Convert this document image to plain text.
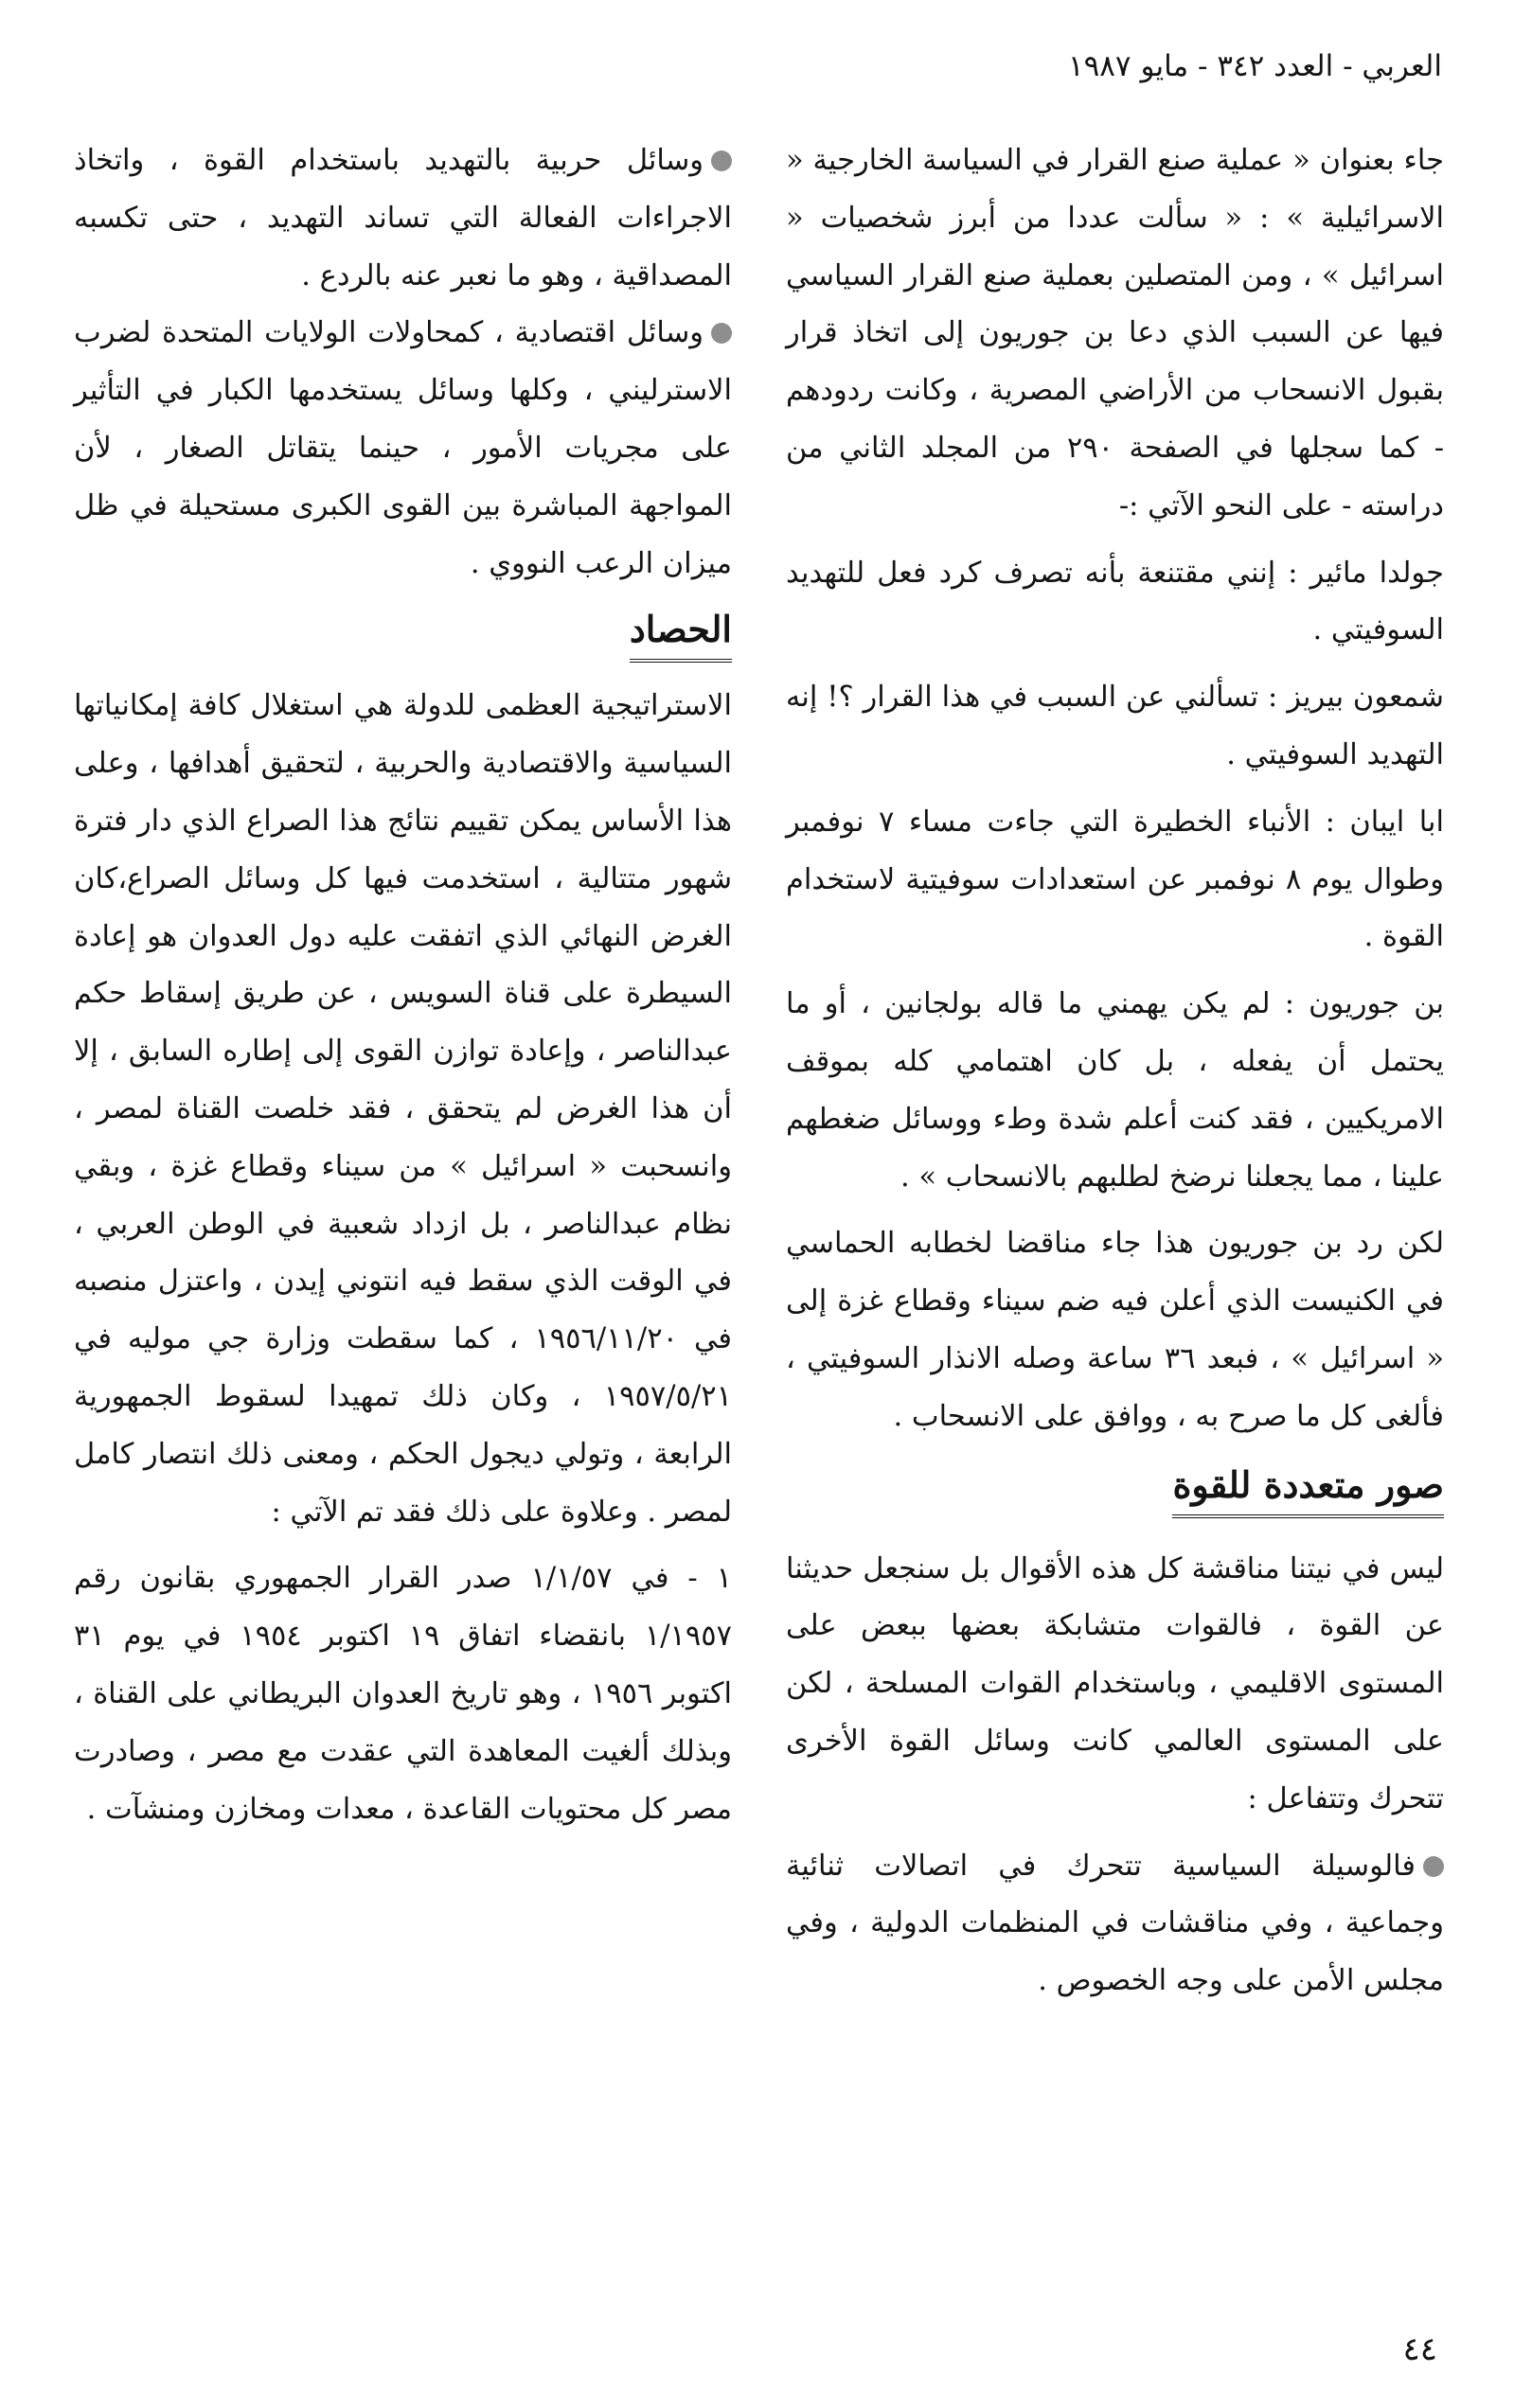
العربي - العدد ٣٤٢ - مايو ١٩٨٧

جاء بعنوان « عملية صنع القرار في السياسة الخارجية « الاسرائيلية » : « سألت عددا من أبرز شخصيات « اسرائيل » ، ومن المتصلين بعملية صنع القرار السياسي فيها عن السبب الذي دعا بن جوريون إلى اتخاذ قرار بقبول الانسحاب من الأراضي المصرية ، وكانت ردودهم - كما سجلها في الصفحة ٢٩٠ من المجلد الثاني من دراسته - على النحو الآتي :-

جولدا مائير : إنني مقتنعة بأنه تصرف كرد فعل للتهديد السوفيتي .

شمعون بيريز : تسألني عن السبب في هذا القرار ؟! إنه التهديد السوفيتي .

ابا ايبان : الأنباء الخطيرة التي جاءت مساء ٧ نوفمبر وطوال يوم ٨ نوفمبر عن استعدادات سوفيتية لاستخدام القوة .

بن جوريون : لم يكن يهمني ما قاله بولجانين ، أو ما يحتمل أن يفعله ، بل كان اهتمامي كله بموقف الامريكيين ، فقد كنت أعلم شدة وطء ووسائل ضغطهم علينا ، مما يجعلنا نرضخ لطلبهم بالانسحاب » .

لكن رد بن جوريون هذا جاء مناقضا لخطابه الحماسي في الكنيست الذي أعلن فيه ضم سيناء وقطاع غزة إلى « اسرائيل » ، فبعد ٣٦ ساعة وصله الانذار السوفيتي ، فألغى كل ما صرح به ، ووافق على الانسحاب .

صور متعددة للقوة

ليس في نيتنا مناقشة كل هذه الأقوال بل سنجعل حديثنا عن القوة ، فالقوات متشابكة بعضها ببعض على المستوى الاقليمي ، وباستخدام القوات المسلحة ، لكن على المستوى العالمي كانت وسائل القوة الأخرى تتحرك وتتفاعل :

فالوسيلة السياسية تتحرك في اتصالات ثنائية وجماعية ، وفي مناقشات في المنظمات الدولية ، وفي مجلس الأمن على وجه الخصوص .

وسائل حربية بالتهديد باستخدام القوة ، واتخاذ الاجراءات الفعالة التي تساند التهديد ، حتى تكسبه المصداقية ، وهو ما نعبر عنه بالردع .

وسائل اقتصادية ، كمحاولات الولايات المتحدة لضرب الاسترليني ، وكلها وسائل يستخدمها الكبار في التأثير على مجريات الأمور ، حينما يتقاتل الصغار ، لأن المواجهة المباشرة بين القوى الكبرى مستحيلة في ظل ميزان الرعب النووي .

الحصاد

الاستراتيجية العظمى للدولة هي استغلال كافة إمكانياتها السياسية والاقتصادية والحربية ، لتحقيق أهدافها ، وعلى هذا الأساس يمكن تقييم نتائج هذا الصراع الذي دار فترة شهور متتالية ، استخدمت فيها كل وسائل الصراع،كان الغرض النهائي الذي اتفقت عليه دول العدوان هو إعادة السيطرة على قناة السويس ، عن طريق إسقاط حكم عبدالناصر ، وإعادة توازن القوى إلى إطاره السابق ، إلا أن هذا الغرض لم يتحقق ، فقد خلصت القناة لمصر ، وانسحبت « اسرائيل » من سيناء وقطاع غزة ، وبقي نظام عبدالناصر ، بل ازداد شعبية في الوطن العربي ، في الوقت الذي سقط فيه انتوني إيدن ، واعتزل منصبه في ١٩٥٦/١١/٢٠ ، كما سقطت وزارة جي موليه في ١٩٥٧/٥/٢١ ، وكان ذلك تمهيدا لسقوط الجمهورية الرابعة ، وتولي ديجول الحكم ، ومعنى ذلك انتصار كامل لمصر . وعلاوة على ذلك فقد تم الآتي :

١ - في ١/١/٥٧ صدر القرار الجمهوري بقانون رقم ١/١٩٥٧ بانقضاء اتفاق ١٩ اكتوبر ١٩٥٤ في يوم ٣١ اكتوبر ١٩٥٦ ، وهو تاريخ العدوان البريطاني على القناة ، وبذلك ألغيت المعاهدة التي عقدت مع مصر ، وصادرت مصر كل محتويات القاعدة ، معدات ومخازن ومنشآت .

٤٤
